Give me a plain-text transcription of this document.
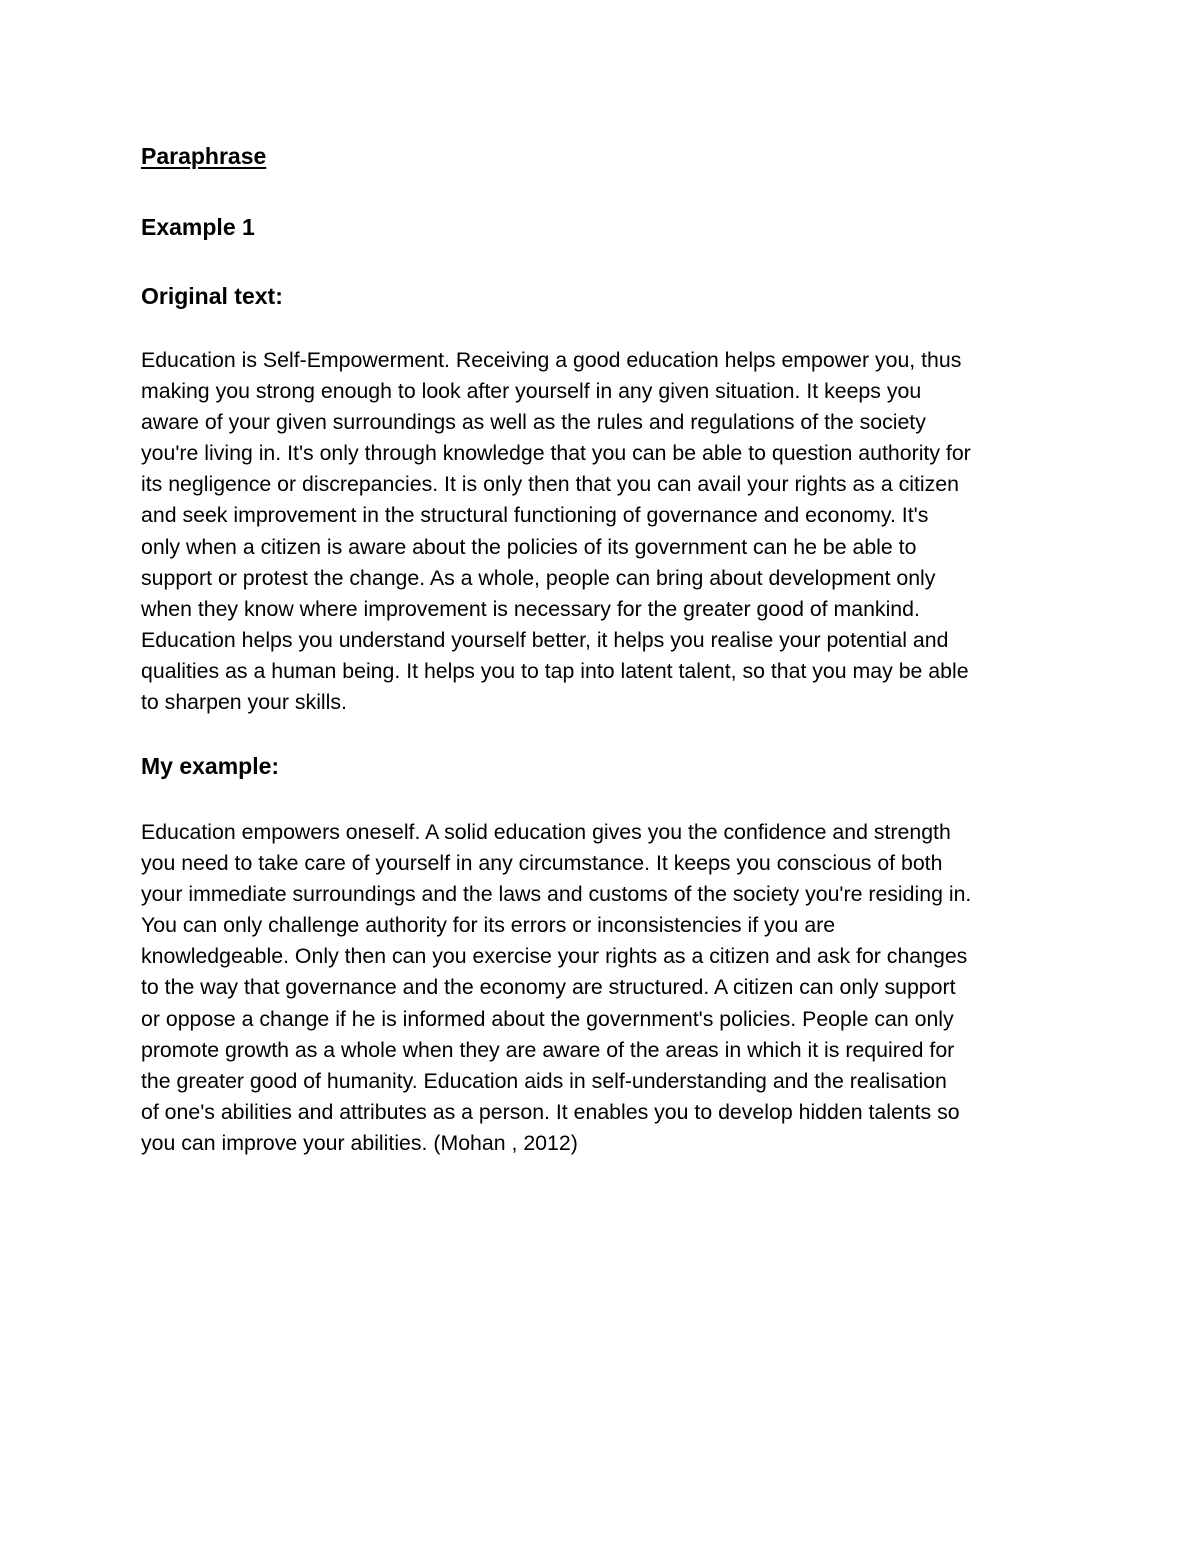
Paraphrase
Example 1
Original text:
Education is Self-Empowerment. Receiving a good education helps empower you, thus
making you strong enough to look after yourself in any given situation. It keeps you
aware of your given surroundings as well as the rules and regulations of the society
you're living in. It's only through knowledge that you can be able to question authority for
its negligence or discrepancies. It is only then that you can avail your rights as a citizen
and seek improvement in the structural functioning of governance and economy. It's
only when a citizen is aware about the policies of its government can he be able to
support or protest the change. As a whole, people can bring about development only
when they know where improvement is necessary for the greater good of mankind.
Education helps you understand yourself better, it helps you realise your potential and
qualities as a human being. It helps you to tap into latent talent, so that you may be able
to sharpen your skills.
My example:
Education empowers oneself. A solid education gives you the confidence and strength
you need to take care of yourself in any circumstance. It keeps you conscious of both
your immediate surroundings and the laws and customs of the society you're residing in.
You can only challenge authority for its errors or inconsistencies if you are
knowledgeable. Only then can you exercise your rights as a citizen and ask for changes
to the way that governance and the economy are structured. A citizen can only support
or oppose a change if he is informed about the government's policies. People can only
promote growth as a whole when they are aware of the areas in which it is required for
the greater good of humanity. Education aids in self-understanding and the realisation
of one's abilities and attributes as a person. It enables you to develop hidden talents so
you can improve your abilities. (Mohan , 2012)
